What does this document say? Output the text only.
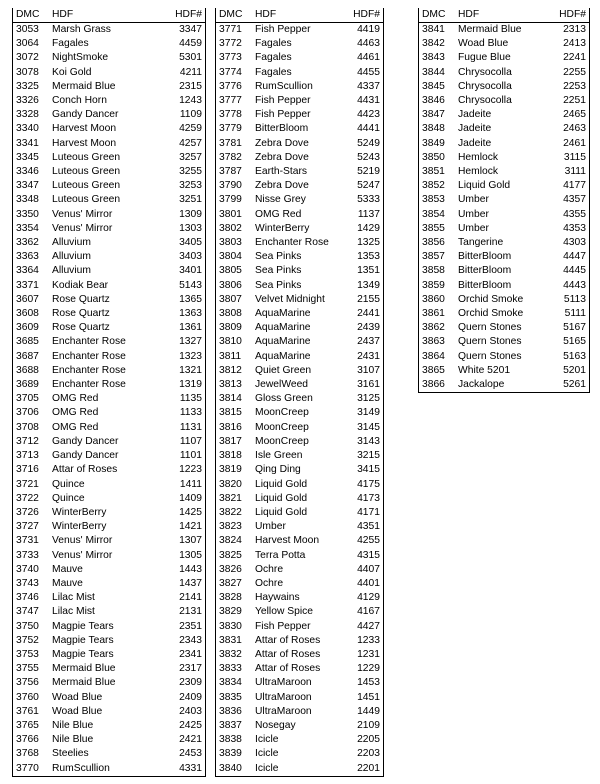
DMC	HDF	HDF#
3053	Marsh Grass	3347
3064	Fagales	4459
3072	NightSmoke	5301
3078	Koi Gold	4211
3325	Mermaid Blue	2315
3326	Conch Horn	1243
3328	Gandy Dancer	1109
3340	Harvest Moon	4259
3341	Harvest Moon	4257
3345	Luteous Green	3257
3346	Luteous Green	3255
3347	Luteous Green	3253
3348	Luteous Green	3251
3350	Venus' Mirror	1309
3354	Venus' Mirror	1303
3362	Alluvium	3405
3363	Alluvium	3403
3364	Alluvium	3401
3371	Kodiak Bear	5143
3607	Rose Quartz	1365
3608	Rose Quartz	1363
3609	Rose Quartz	1361
3685	Enchanter Rose	1327
3687	Enchanter Rose	1323
3688	Enchanter Rose	1321
3689	Enchanter Rose	1319
3705	OMG Red	1135
3706	OMG Red	1133
3708	OMG Red	1131
3712	Gandy Dancer	1107
3713	Gandy Dancer	1101
3716	Attar of Roses	1223
3721	Quince	1411
3722	Quince	1409
3726	WinterBerry	1425
3727	WinterBerry	1421
3731	Venus' Mirror	1307
3733	Venus' Mirror	1305
3740	Mauve	1443
3743	Mauve	1437
3746	Lilac Mist	2141
3747	Lilac Mist	2131
3750	Magpie Tears	2351
3752	Magpie Tears	2343
3753	Magpie Tears	2341
3755	Mermaid Blue	2317
3756	Mermaid Blue	2309
3760	Woad Blue	2409
3761	Woad Blue	2403
3765	Nile Blue	2425
3766	Nile Blue	2421
3768	Steelies	2453
3770	RumScullion	4331
DMC	HDF	HDF#
3771	Fish Pepper	4419
3772	Fagales	4463
3773	Fagales	4461
3774	Fagales	4455
3776	RumScullion	4337
3777	Fish Pepper	4431
3778	Fish Pepper	4423
3779	BitterBloom	4441
3781	Zebra Dove	5249
3782	Zebra Dove	5243
3787	Earth-Stars	5219
3790	Zebra Dove	5247
3799	Nisse Grey	5333
3801	OMG Red	1137
3802	WinterBerry	1429
3803	Enchanter Rose	1325
3804	Sea Pinks	1353
3805	Sea Pinks	1351
3806	Sea Pinks	1349
3807	Velvet Midnight	2155
3808	AquaMarine	2441
3809	AquaMarine	2439
3810	AquaMarine	2437
3811	AquaMarine	2431
3812	Quiet Green	3107
3813	JewelWeed	3161
3814	Gloss Green	3125
3815	MoonCreep	3149
3816	MoonCreep	3145
3817	MoonCreep	3143
3818	Isle Green	3215
3819	Qing Ding	3415
3820	Liquid Gold	4175
3821	Liquid Gold	4173
3822	Liquid Gold	4171
3823	Umber	4351
3824	Harvest Moon	4255
3825	Terra Potta	4315
3826	Ochre	4407
3827	Ochre	4401
3828	Haywains	4129
3829	Yellow Spice	4167
3830	Fish Pepper	4427
3831	Attar of Roses	1233
3832	Attar of Roses	1231
3833	Attar of Roses	1229
3834	UltraMaroon	1453
3835	UltraMaroon	1451
3836	UltraMaroon	1449
3837	Nosegay	2109
3838	Icicle	2205
3839	Icicle	2203
3840	Icicle	2201
DMC	HDF	HDF#
3841	Mermaid Blue	2313
3842	Woad Blue	2413
3843	Fugue Blue	2241
3844	Chrysocolla	2255
3845	Chrysocolla	2253
3846	Chrysocolla	2251
3847	Jadeite	2465
3848	Jadeite	2463
3849	Jadeite	2461
3850	Hemlock	3115
3851	Hemlock	3111
3852	Liquid Gold	4177
3853	Umber	4357
3854	Umber	4355
3855	Umber	4353
3856	Tangerine	4303
3857	BitterBloom	4447
3858	BitterBloom	4445
3859	BitterBloom	4443
3860	Orchid Smoke	5113
3861	Orchid Smoke	5111
3862	Quern Stones	5167
3863	Quern Stones	5165
3864	Quern Stones	5163
3865	White 5201	5201
3866	Jackalope	5261
